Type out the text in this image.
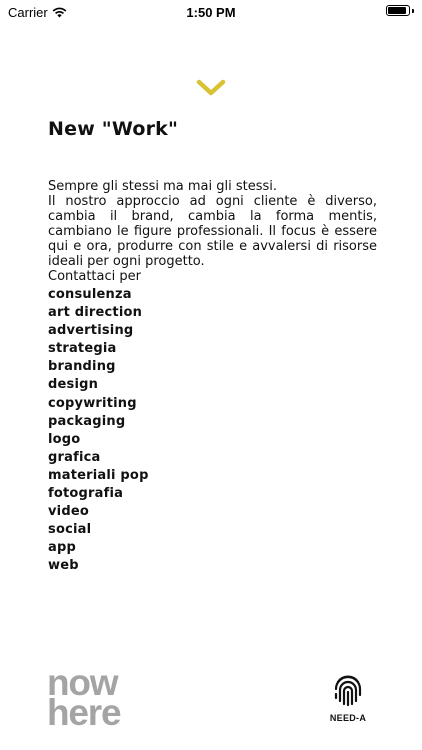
Carrier	1:50 PM
New "Work"

Sempre gli stessi ma mai gli stessi.
Il nostro approccio ad ogni cliente è diverso, cambia il brand, cambia la forma mentis, cambiano le figure professionali. Il focus è essere qui e ora, produrre con stile e avvalersi di risorse ideali per ogni progetto.

Contattaci per
consulenza
art direction
advertising
strategia
branding
design
copywriting
packaging
logo
grafica
materiali pop
fotografia
video
social
app
web
now
here	NEED-A
